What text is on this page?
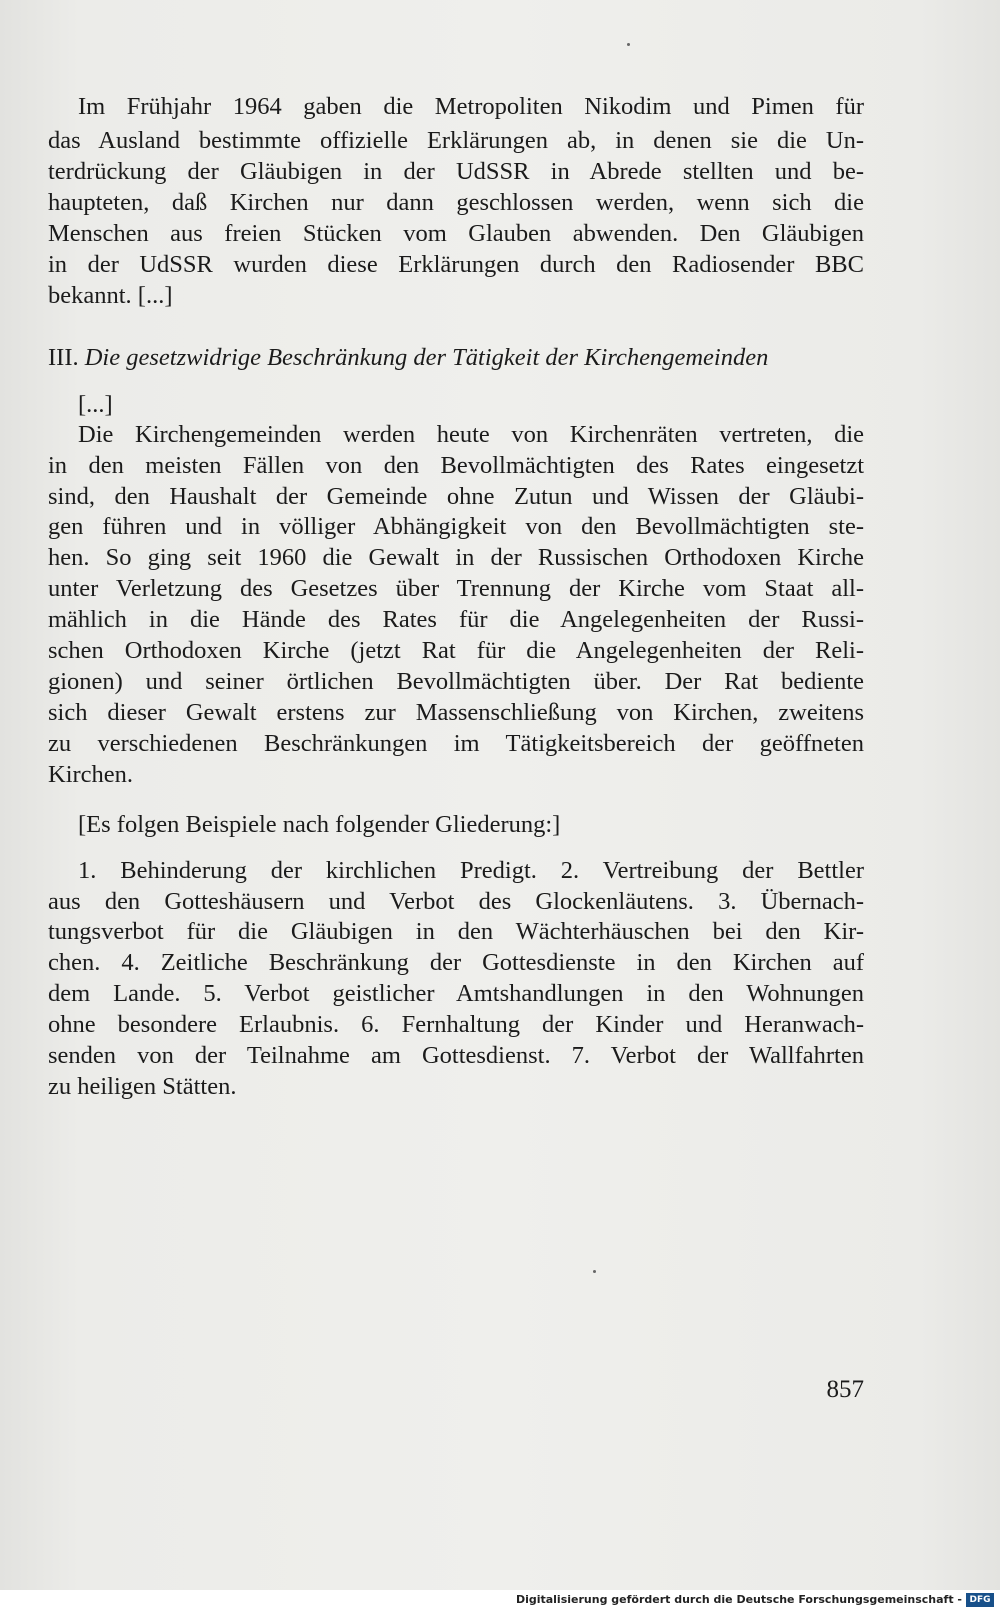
Im Frühjahr 1964 gaben die Metropoliten Nikodim und Pimen für
das Ausland bestimmte offizielle Erklärungen ab, in denen sie die Un-
terdrückung der Gläubigen in der UdSSR in Abrede stellten und be-
haupteten, daß Kirchen nur dann geschlossen werden, wenn sich die
Menschen aus freien Stücken vom Glauben abwenden. Den Gläubigen
in der UdSSR wurden diese Erklärungen durch den Radiosender BBC
bekannt. [...]
III. Die gesetzwidrige Beschränkung der Tätigkeit der Kirchengemeinden
[...]
Die Kirchengemeinden werden heute von Kirchenräten vertreten, die
in den meisten Fällen von den Bevollmächtigten des Rates eingesetzt
sind, den Haushalt der Gemeinde ohne Zutun und Wissen der Gläubi-
gen führen und in völliger Abhängigkeit von den Bevollmächtigten ste-
hen. So ging seit 1960 die Gewalt in der Russischen Orthodoxen Kirche
unter Verletzung des Gesetzes über Trennung der Kirche vom Staat all-
mählich in die Hände des Rates für die Angelegenheiten der Russi-
schen Orthodoxen Kirche (jetzt Rat für die Angelegenheiten der Reli-
gionen) und seiner örtlichen Bevollmächtigten über. Der Rat bediente
sich dieser Gewalt erstens zur Massenschließung von Kirchen, zweitens
zu verschiedenen Beschränkungen im Tätigkeitsbereich der geöffneten
Kirchen.
[Es folgen Beispiele nach folgender Gliederung:]
1. Behinderung der kirchlichen Predigt. 2. Vertreibung der Bettler
aus den Gotteshäusern und Verbot des Glockenläutens. 3. Übernach-
tungsverbot für die Gläubigen in den Wächterhäuschen bei den Kir-
chen. 4. Zeitliche Beschränkung der Gottesdienste in den Kirchen auf
dem Lande. 5. Verbot geistlicher Amtshandlungen in den Wohnungen
ohne besondere Erlaubnis. 6. Fernhaltung der Kinder und Heranwach-
senden von der Teilnahme am Gottesdienst. 7. Verbot der Wallfahrten
zu heiligen Stätten.
857
Digitalisierung gefördert durch die Deutsche Forschungsgemeinschaft - DFG
